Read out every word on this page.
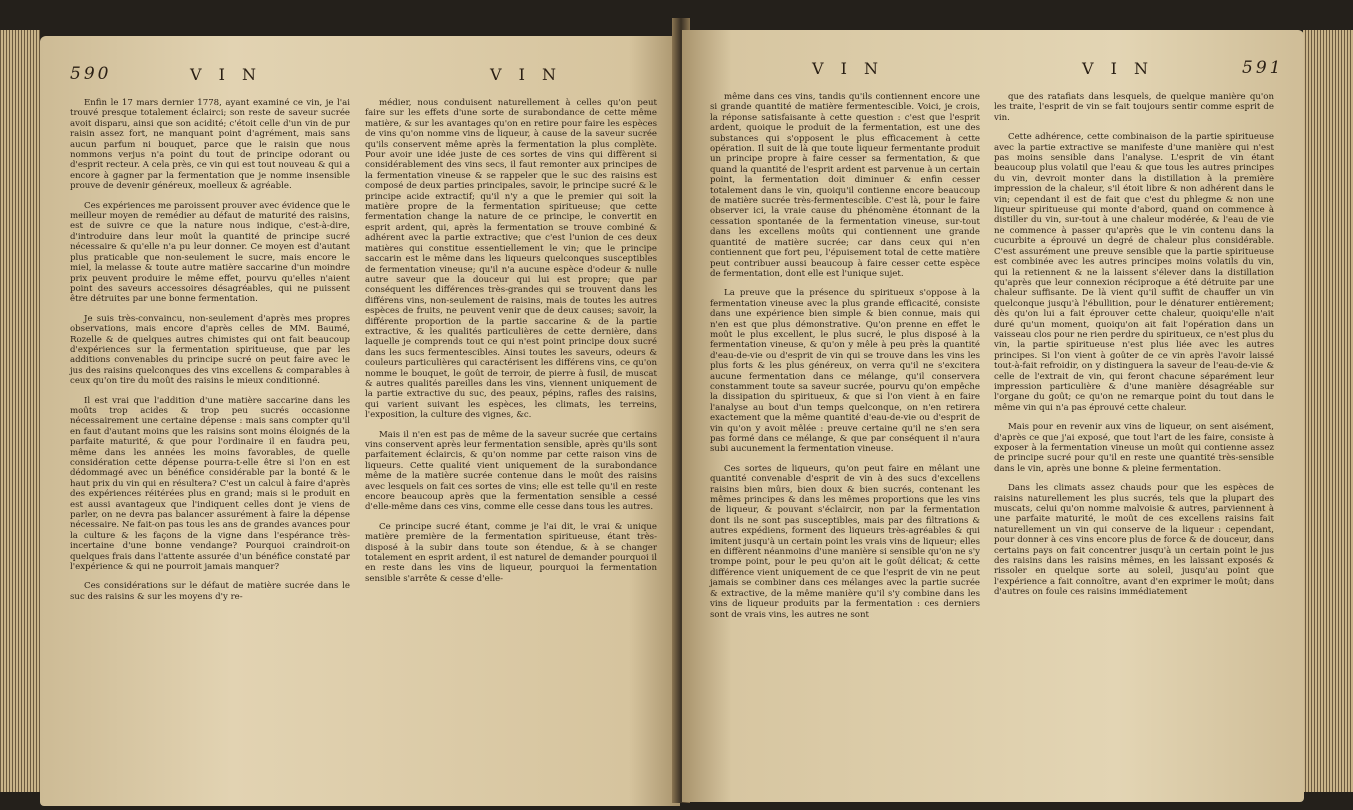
590	V I N	V I N

Enfin le 17 mars dernier 1778, ayant examiné ce vin, je l'ai trouvé presque totalement éclairci; son reste de saveur sucrée avoit disparu, ainsi que son acidité; c'étoit celle d'un vin de pur raisin assez fort, ne manquant point d'agrément, mais sans aucun parfum ni bouquet, parce que le raisin que nous nommons verjus n'a point du tout de principe odorant ou d'esprit recteur. A cela près, ce vin qui est tout nouveau & qui a encore à gagner par la fermentation que je nomme insensible prouve de devenir généreux, moelleux & agréable.

Ces expériences me paroissent prouver avec évidence que le meilleur moyen de remédier au défaut de maturité des raisins, est de suivre ce que la nature nous indique, c'est-à-dire, d'introduire dans leur moût la quantité de principe sucré nécessaire & qu'elle n'a pu leur donner. Ce moyen est d'autant plus praticable que non-seulement le sucre, mais encore le miel, la melasse & toute autre matière saccarine d'un moindre prix peuvent produire le même effet, pourvu qu'elles n'aient point des saveurs accessoires désagréables, qui ne puissent être détruites par une bonne fermentation.

Je suis très-convaincu, non-seulement d'après mes propres observations, mais encore d'après celles de MM. Baumé, Rozelle & de quelques autres chimistes qui ont fait beaucoup d'expériences sur la fermentation spiritueuse, que par les additions convenables du principe sucré on peut faire avec le jus des raisins quelconques des vins excellens & comparables à ceux qu'on tire du moût des raisins le mieux conditionné.

Il est vrai que l'addition d'une matière saccarine dans les moûts trop acides & trop peu sucrés occasionne nécessairement une certaine dépense : mais sans compter qu'il en faut d'autant moins que les raisins sont moins éloignés de la parfaite maturité, & que pour l'ordinaire il en faudra peu, même dans les années les moins favorables, de quelle considération cette dépense pourra-t-elle être si l'on en est dédommagé avec un bénéfice considérable par la bonté & le haut prix du vin qui en résultera? C'est un calcul à faire d'après des expériences réitérées plus en grand; mais si le produit en est aussi avantageux que l'indiquent celles dont je viens de parler, on ne devra pas balancer assurément à faire la dépense nécessaire. Ne fait-on pas tous les ans de grandes avances pour la culture & les façons de la vigne dans l'espérance très-incertaine d'une bonne vendange? Pourquoi craindroit-on quelques frais dans l'attente assurée d'un bénéfice constaté par l'expérience & qui ne pourroit jamais manquer?

Ces considérations sur le défaut de matière sucrée dans le suc des raisins & sur les moyens d'y re-

médier, nous conduisent naturellement à celles qu'on peut faire sur les effets d'une sorte de surabondance de cette même matière, & sur les avantages qu'on en retire pour faire les espèces de vins qu'on nomme vins de liqueur, à cause de la saveur sucrée qu'ils conservent même après la fermentation la plus complète. Pour avoir une idée juste de ces sortes de vins qui diffèrent si considérablement des vins secs, il faut remonter aux principes de la fermentation vineuse & se rappeler que le suc des raisins est composé de deux parties principales, savoir, le principe sucré & le principe acide extractif; qu'il n'y a que le premier qui soit la matière propre de la fermentation spiritueuse; que cette fermentation change la nature de ce principe, le convertit en esprit ardent, qui, après la fermentation se trouve combiné & adhérent avec la partie extractive; que c'est l'union de ces deux matières qui constitue essentiellement le vin; que le principe saccarin est le même dans les liqueurs quelconques susceptibles de fermentation vineuse; qu'il n'a aucune espèce d'odeur & nulle autre saveur que la douceur qui lui est propre; que par conséquent les différences très-grandes qui se trouvent dans les différens vins, non-seulement de raisins, mais de toutes les autres espèces de fruits, ne peuvent venir que de deux causes; savoir, la différente proportion de la partie saccarine & de la partie extractive, & les qualités particulières de cette dernière, dans laquelle je comprends tout ce qui n'est point principe doux sucré dans les sucs fermentescibles. Ainsi toutes les saveurs, odeurs & couleurs particulières qui caractérisent les différens vins, ce qu'on nomme le bouquet, le goût de terroir, de pierre à fusil, de muscat & autres qualités pareilles dans les vins, viennent uniquement de la partie extractive du suc, des peaux, pépins, rafles des raisins, qui varient suivant les espèces, les climats, les terreins, l'exposition, la culture des vignes, &c.

Mais il n'en est pas de même de la saveur sucrée que certains vins conservent après leur fermentation sensible, après qu'ils sont parfaitement éclaircis, & qu'on nomme par cette raison vins de liqueurs. Cette qualité vient uniquement de la surabondance même de la matière sucrée contenue dans le moût des raisins avec lesquels on fait ces sortes de vins; elle est telle qu'il en reste encore beaucoup après que la fermentation sensible a cessé d'elle-même dans ces vins, comme elle cesse dans tous les autres.

Ce principe sucré étant, comme je l'ai dit, le vrai & unique matière première de la fermentation spiritueuse, étant très-disposé à la subir dans toute son étendue, & à se changer totalement en esprit ardent, il est naturel de demander pourquoi il en reste dans les vins de liqueur, pourquoi la fermentation sensible s'arrête & cesse d'elle-

V I N	V I N	591

même dans ces vins, tandis qu'ils contiennent encore une si grande quantité de matière fermentescible. Voici, je crois, la réponse satisfaisante à cette question : c'est que l'esprit ardent, quoique le produit de la fermentation, est une des substances qui s'opposent le plus efficacement à cette opération. Il suit de là que toute liqueur fermentante produit un principe propre à faire cesser sa fermentation, & que quand la quantité de l'esprit ardent est parvenue à un certain point, la fermentation doit diminuer & enfin cesser totalement dans le vin, quoiqu'il contienne encore beaucoup de matière sucrée très-fermentescible. C'est là, pour le faire observer ici, la vraie cause du phénomène étonnant de la cessation spontanée de la fermentation vineuse, sur-tout dans les excellens moûts qui contiennent une grande quantité de matière sucrée; car dans ceux qui n'en contiennent que fort peu, l'épuisement total de cette matière peut contribuer aussi beaucoup à faire cesser cette espèce de fermentation, dont elle est l'unique sujet.

La preuve que la présence du spiritueux s'oppose à la fermentation vineuse avec la plus grande efficacité, consiste dans une expérience bien simple & bien connue, mais qui n'en est que plus démonstrative. Qu'on prenne en effet le moût le plus excellent, le plus sucré, le plus disposé à la fermentation vineuse, & qu'on y mêle à peu près la quantité d'eau-de-vie ou d'esprit de vin qui se trouve dans les vins les plus forts & les plus généreux, on verra qu'il ne s'excitera aucune fermentation dans ce mélange, qu'il conservera constamment toute sa saveur sucrée, pourvu qu'on empêche la dissipation du spiritueux, & que si l'on vient à en faire l'analyse au bout d'un temps quelconque, on n'en retirera exactement que la même quantité d'eau-de-vie ou d'esprit de vin qu'on y avoit mêlée : preuve certaine qu'il ne s'en sera pas formé dans ce mélange, & que par conséquent il n'aura subi aucunement la fermentation vineuse.

Ces sortes de liqueurs, qu'on peut faire en mêlant une quantité convenable d'esprit de vin à des sucs d'excellens raisins bien mûrs, bien doux & bien sucrés, contenant les mêmes principes & dans les mêmes proportions que les vins de liqueur, & pouvant s'éclaircir, non par la fermentation dont ils ne sont pas susceptibles, mais par des filtrations & autres expédiens, forment des liqueurs très-agréables & qui imitent jusqu'à un certain point les vrais vins de liqueur; elles en diffèrent néanmoins d'une manière si sensible qu'on ne s'y trompe point, pour le peu qu'on ait le goût délicat; & cette différence vient uniquement de ce que l'esprit de vin ne peut jamais se combiner dans ces mélanges avec la partie sucrée & extractive, de la même manière qu'il s'y combine dans les vins de liqueur produits par la fermentation : ces derniers sont de vrais vins, les autres ne sont

que des ratafiats dans lesquels, de quelque manière qu'on les traite, l'esprit de vin se fait toujours sentir comme esprit de vin.

Cette adhérence, cette combinaison de la partie spiritueuse avec la partie extractive se manifeste d'une manière qui n'est pas moins sensible dans l'analyse. L'esprit de vin étant beaucoup plus volatil que l'eau & que tous les autres principes du vin, devroit monter dans la distillation à la première impression de la chaleur, s'il étoit libre & non adhérent dans le vin; cependant il est de fait que c'est du phlegme & non une liqueur spiritueuse qui monte d'abord, quand on commence à distiller du vin, sur-tout à une chaleur modérée, & l'eau de vie ne commence à passer qu'après que le vin contenu dans la cucurbite a éprouvé un degré de chaleur plus considérable. C'est assurément une preuve sensible que la partie spiritueuse est combinée avec les autres principes moins volatils du vin, qui la retiennent & ne la laissent s'élever dans la distillation qu'après que leur connexion réciproque a été détruite par une chaleur suffisante. De là vient qu'il suffit de chauffer un vin quelconque jusqu'à l'ébullition, pour le dénaturer entièrement; dès qu'on lui a fait éprouver cette chaleur, quoiqu'elle n'ait duré qu'un moment, quoiqu'on ait fait l'opération dans un vaisseau clos pour ne rien perdre du spiritueux, ce n'est plus du vin, la partie spiritueuse n'est plus liée avec les autres principes. Si l'on vient à goûter de ce vin après l'avoir laissé tout-à-fait refroidir, on y distinguera la saveur de l'eau-de-vie & celle de l'extrait de vin, qui feront chacune séparément leur impression particulière & d'une manière désagréable sur l'organe du goût; ce qu'on ne remarque point du tout dans le même vin qui n'a pas éprouvé cette chaleur.

Mais pour en revenir aux vins de liqueur, on sent aisément, d'après ce que j'ai exposé, que tout l'art de les faire, consiste à exposer à la fermentation vineuse un moût qui contienne assez de principe sucré pour qu'il en reste une quantité très-sensible dans le vin, après une bonne & pleine fermentation.

Dans les climats assez chauds pour que les espèces de raisins naturellement les plus sucrés, tels que la plupart des muscats, celui qu'on nomme malvoisie & autres, parviennent à une parfaite maturité, le moût de ces excellens raisins fait naturellement un vin qui conserve de la liqueur : cependant, pour donner à ces vins encore plus de force & de douceur, dans certains pays on fait concentrer jusqu'à un certain point le jus des raisins dans les raisins mêmes, en les laissant exposés & rissoler en quelque sorte au soleil, jusqu'au point que l'expérience a fait connoître, avant d'en exprimer le moût; dans d'autres on foule ces raisins immédiatement
